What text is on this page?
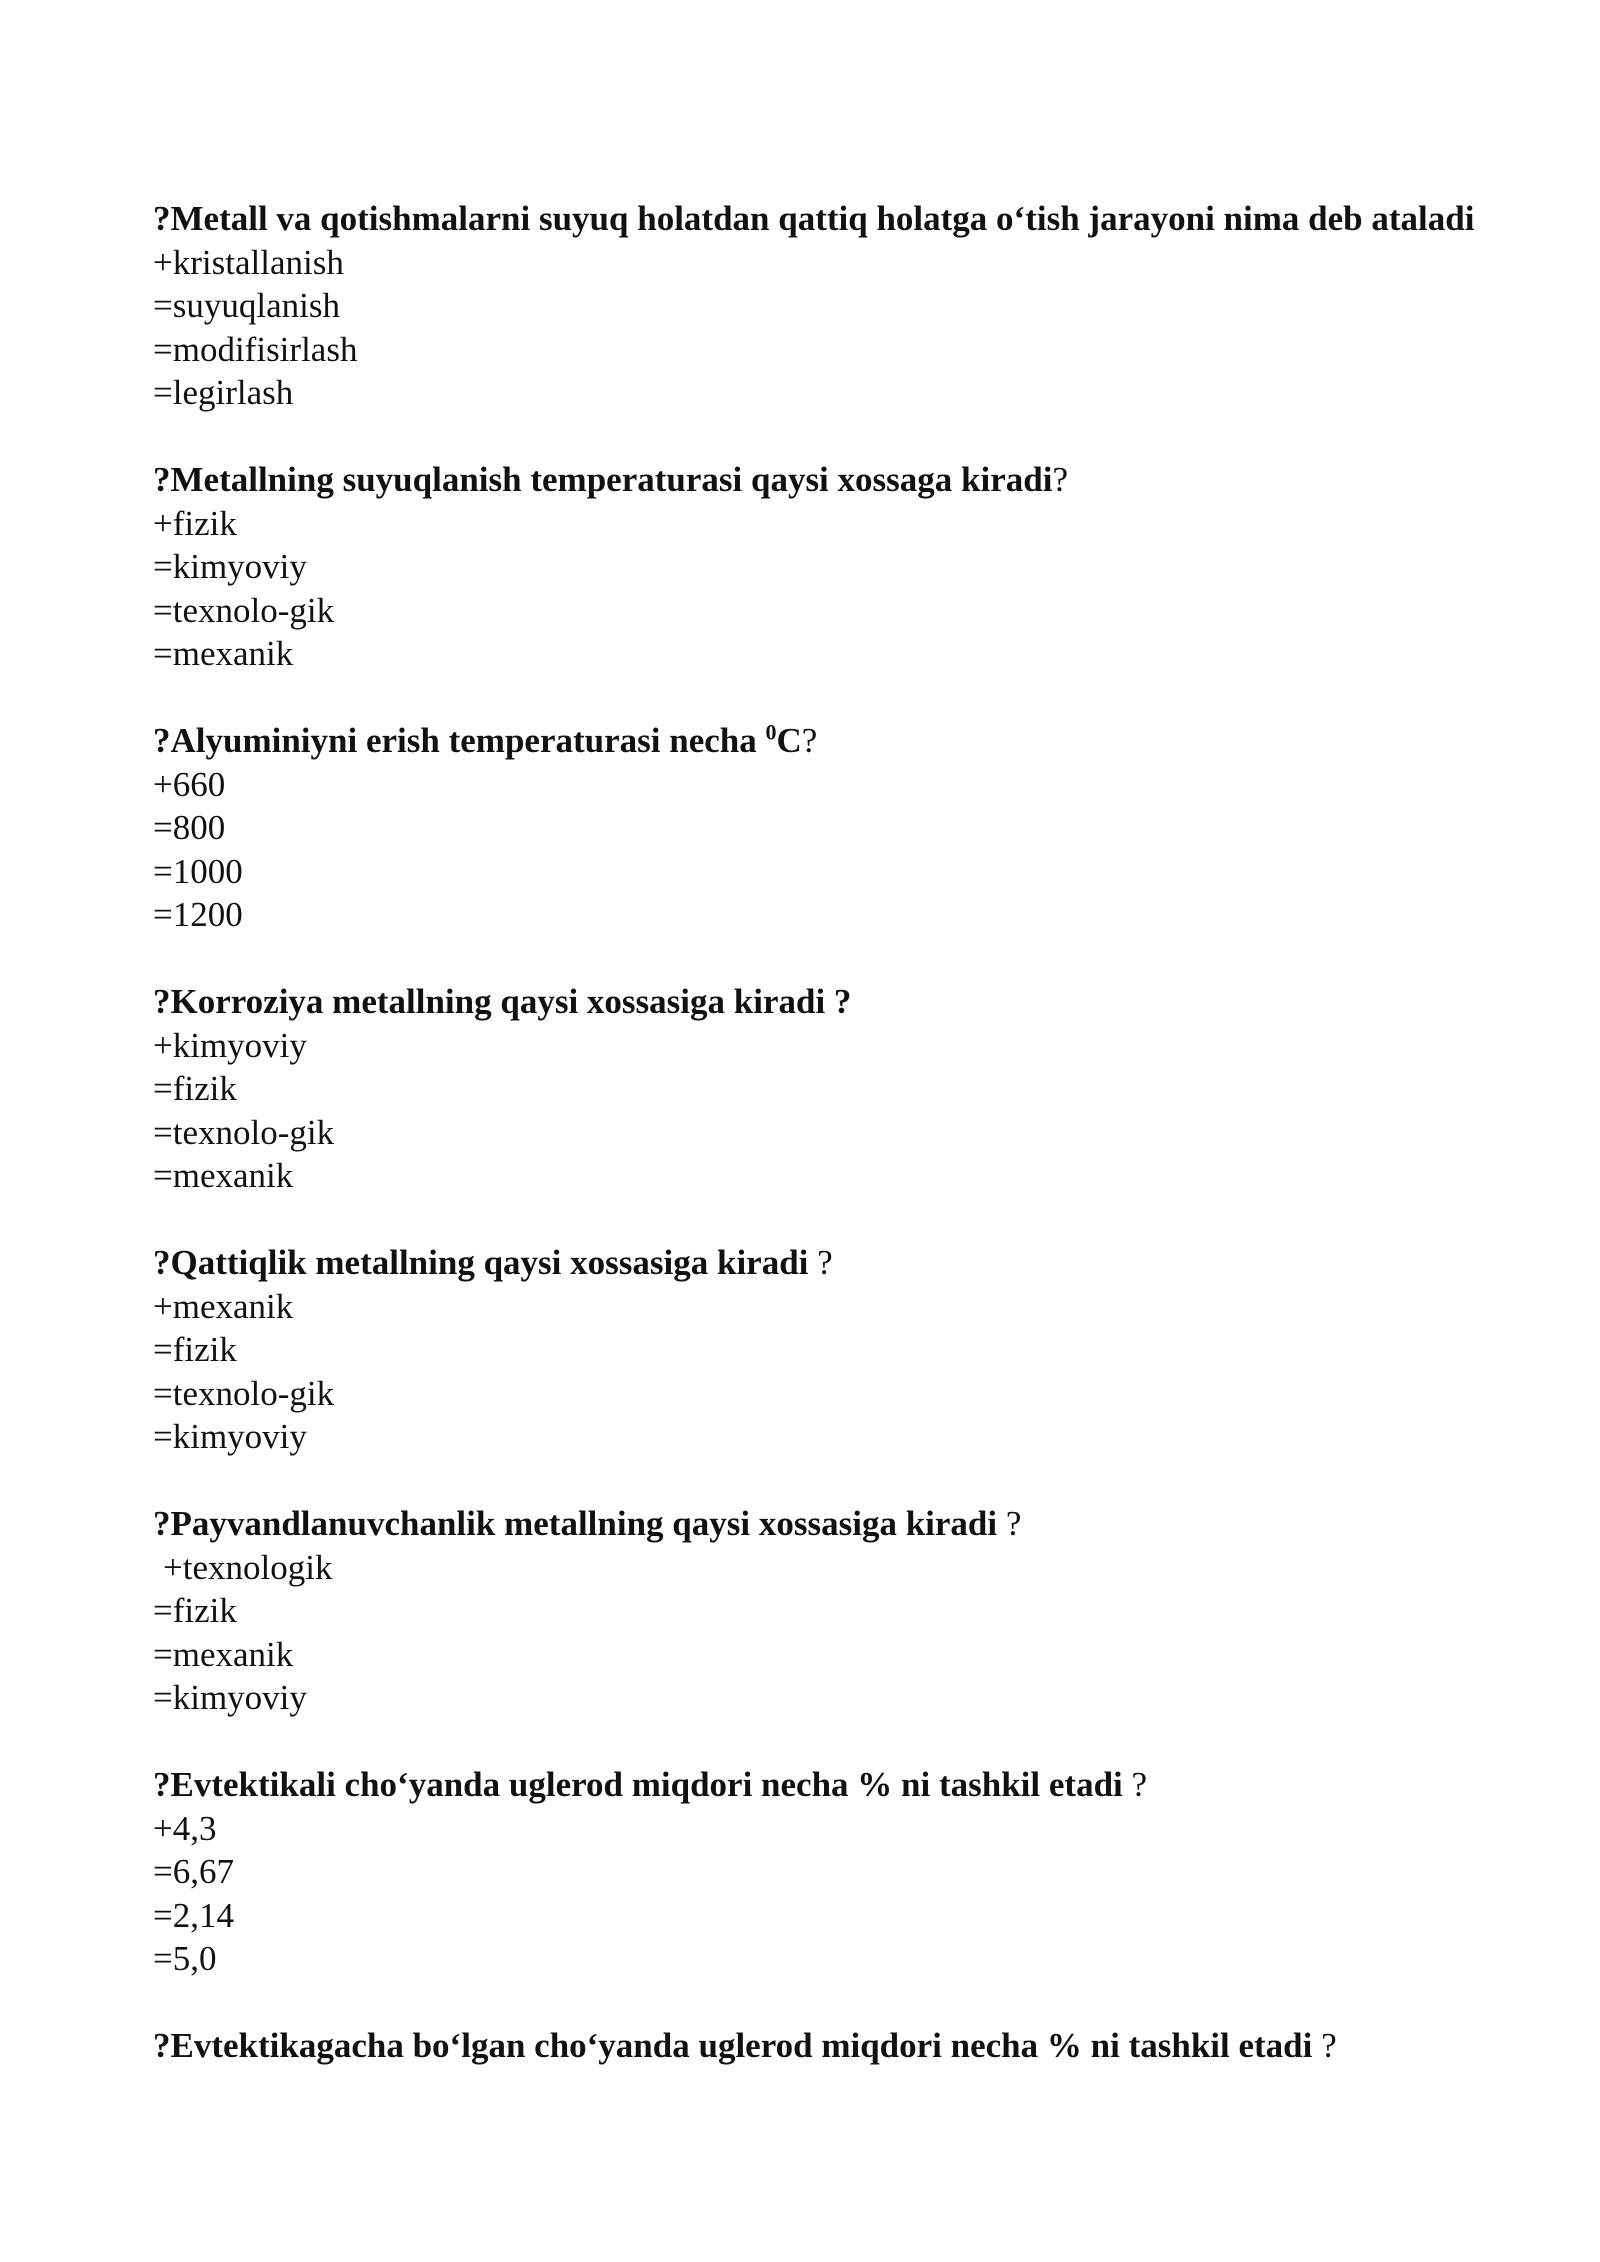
?Metall va qotishmalarni suyuq holatdan qattiq holatga o‘tish jarayoni nima deb ataladi

+kristallanish
=suyuqlanish
=modifisirlash
=legirlash

?Metallning suyuqlanish temperaturasi qaysi xossaga kiradi?

+fizik
=kimyoviy
=texnolo-gik
=mexanik

?Alyuminiyni erish temperaturasi necha $^0$C?

+660
=800
=1000
=1200

?Korroziya metallning qaysi xossasiga kiradi ?

+kimyoviy
=fizik
=texnolo-gik
=mexanik

?Qattiqlik metallning qaysi xossasiga kiradi ?

+mexanik
=fizik
=texnolo-gik
=kimyoviy

?Payvandlanuvchanlik metallning qaysi xossasiga kiradi ?

+texnologik
=fizik
=mexanik
=kimyoviy

?Evtektikali cho‘yanda uglerod miqdori necha % ni tashkil etadi ?

+4,3
=6,67
=2,14
=5,0

?Evtektikagacha bo‘lgan cho‘yanda uglerod miqdori necha % ni tashkil etadi ?
